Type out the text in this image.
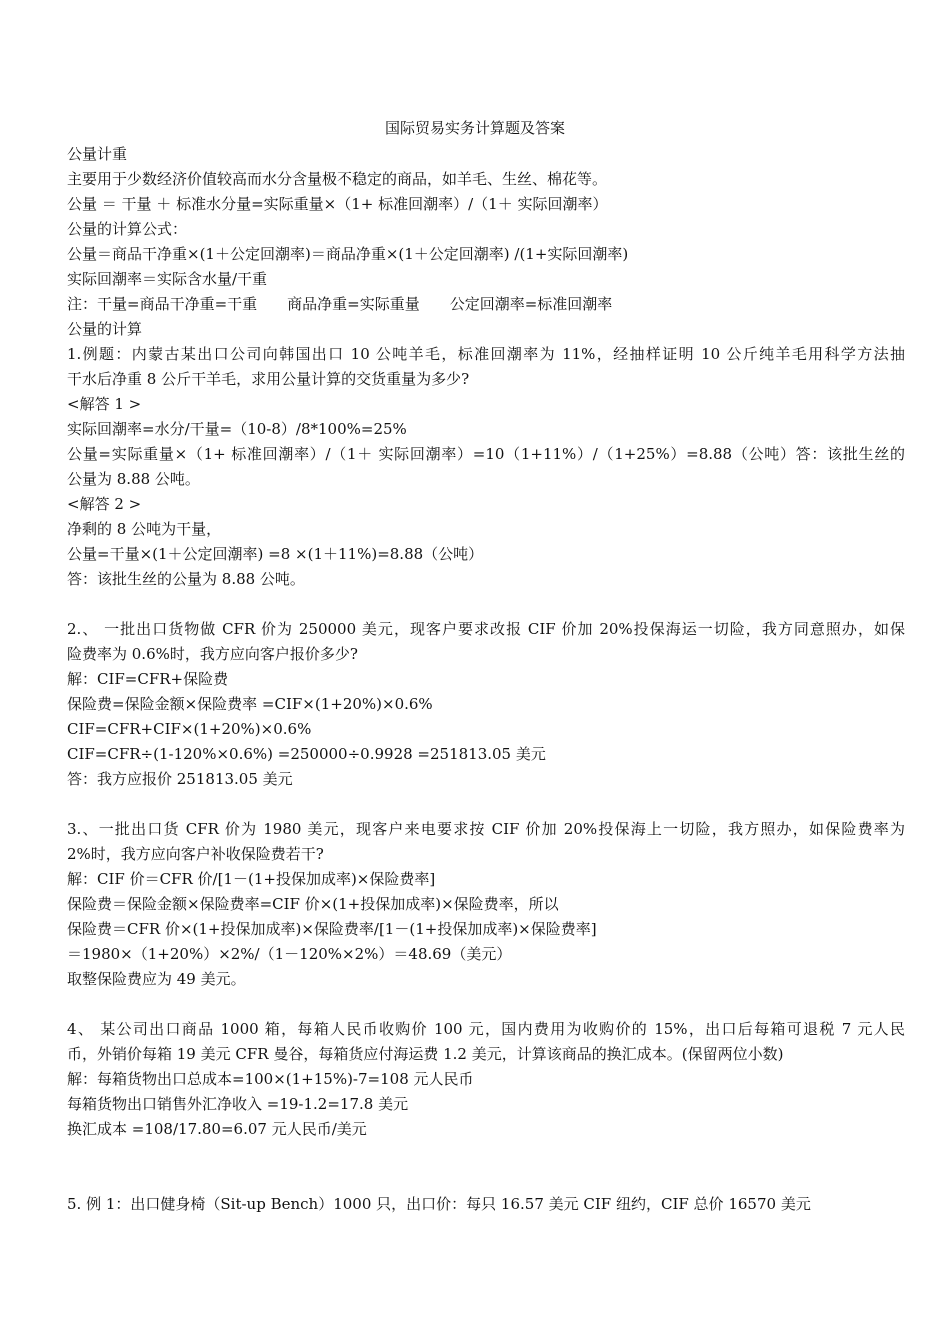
国际贸易实务计算题及答案
公量计重
主要用于少数经济价值较高而水分含量极不稳定的商品，如羊毛、生丝、棉花等。
公量 ＝ 干量 ＋ 标准水分量=实际重量×（1+ 标准回潮率）/（1＋ 实际回潮率）
公量的计算公式：
公量＝商品干净重×(1＋公定回潮率)＝商品净重×(1＋公定回潮率) /(1+实际回潮率)
实际回潮率＝实际含水量/干重
注：干量=商品干净重=干重　　商品净重=实际重量　　公定回潮率=标准回潮率
公量的计算
1.例题：内蒙古某出口公司向韩国出口 10 公吨羊毛，标准回潮率为 11%，经抽样证明 10 公斤纯羊毛用科学方法抽
干水后净重 8 公斤干羊毛，求用公量计算的交货重量为多少?
<解答 1 >
实际回潮率=水分/干量=（10-8）/8*100%=25%
公量=实际重量×（1+ 标准回潮率）/（1＋ 实际回潮率）=10（1+11%）/（1+25%）=8.88（公吨）答：该批生丝的
公量为 8.88 公吨。
<解答 2 >
净剩的 8 公吨为干量，
公量=干量×(1＋公定回潮率) =8 ×(1＋11%)=8.88（公吨）
答：该批生丝的公量为 8.88 公吨。
2.、 一批出口货物做 CFR 价为 250000 美元，现客户要求改报 CIF 价加 20%投保海运一切险，我方同意照办，如保
险费率为 0.6%时，我方应向客户报价多少?
解：CIF=CFR+保险费
保险费=保险金额×保险费率 =CIF×(1+20%)×0.6%
CIF=CFR+CIF×(1+20%)×0.6%
CIF=CFR÷(1-120%×0.6%) =250000÷0.9928 =251813.05 美元
答：我方应报价 251813.05 美元
3.、一批出口货 CFR 价为 1980 美元，现客户来电要求按 CIF 价加 20%投保海上一切险，我方照办，如保险费率为
2%时，我方应向客户补收保险费若干?
解：CIF 价＝CFR 价/[1－(1+投保加成率)×保险费率]
保险费＝保险金额×保险费率=CIF 价×(1+投保加成率)×保险费率，所以
保险费＝CFR 价×(1+投保加成率)×保险费率/[1－(1+投保加成率)×保险费率]
＝1980×（1+20%）×2%/（1－120%×2%）＝48.69（美元）
取整保险费应为 49 美元。
4、 某公司出口商品 1000 箱，每箱人民币收购价 100 元，国内费用为收购价的 15%，出口后每箱可退税 7 元人民
币，外销价每箱 19 美元 CFR 曼谷，每箱货应付海运费 1.2 美元，计算该商品的换汇成本。(保留两位小数)
解：每箱货物出口总成本=100×(1+15%)-7=108 元人民币
每箱货物出口销售外汇净收入 =19-1.2=17.8 美元
换汇成本 =108/17.80=6.07 元人民币/美元
5. 例 1：出口健身椅（Sit-up Bench）1000 只，出口价：每只 16.57 美元 CIF 纽约，CIF 总价 16570 美元
